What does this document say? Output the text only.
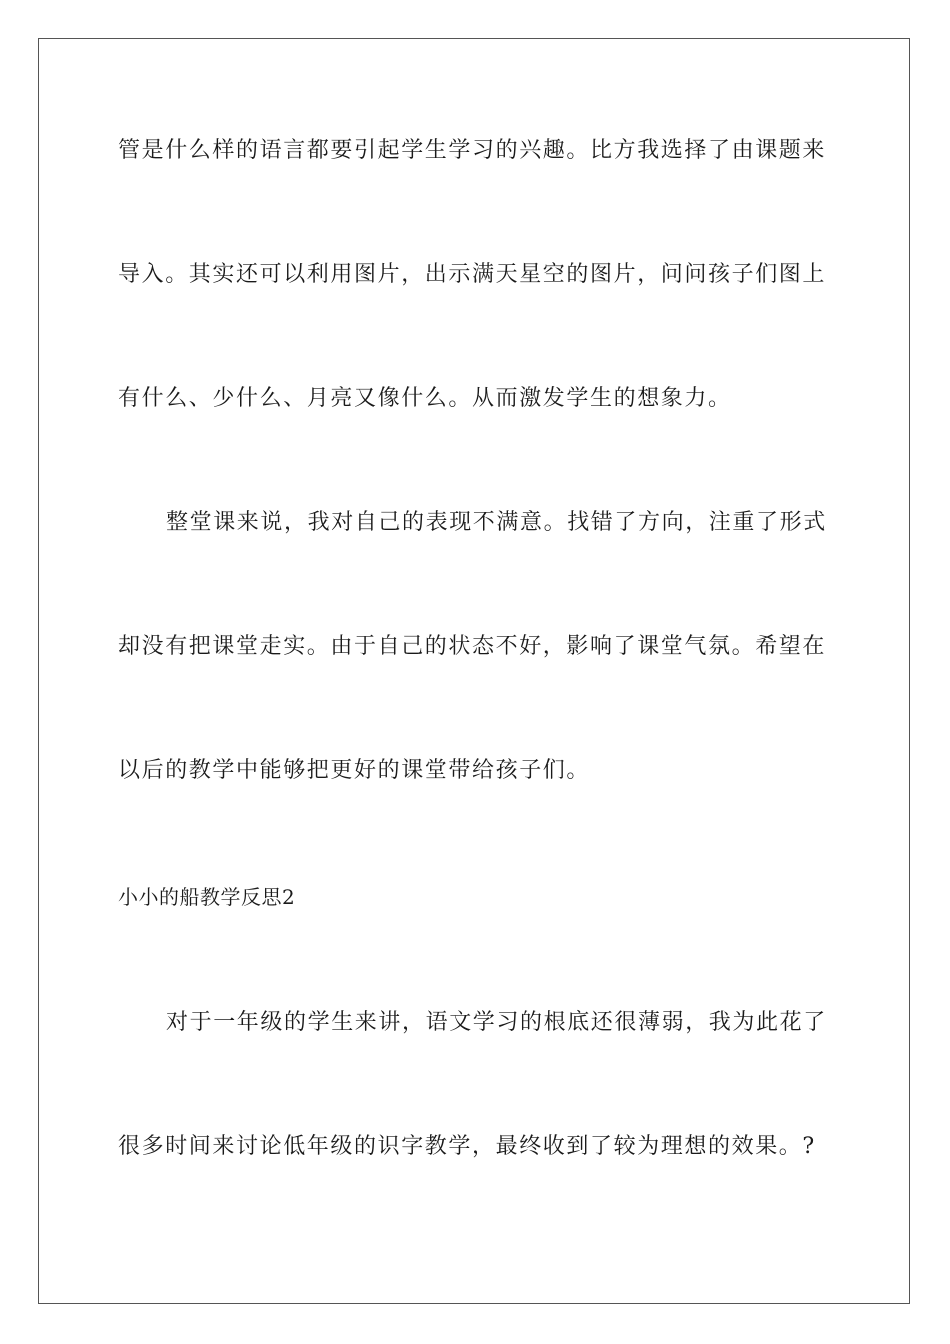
管是什么样的语言都要引起学生学习的兴趣。比方我选择了由课题来
导入。其实还可以利用图片，出示满天星空的图片，问问孩子们图上
有什么、少什么、月亮又像什么。从而激发学生的想象力。
整堂课来说，我对自己的表现不满意。找错了方向，注重了形式
却没有把课堂走实。由于自己的状态不好，影响了课堂气氛。希望在
以后的教学中能够把更好的课堂带给孩子们。
小小的船教学反思2
对于一年级的学生来讲，语文学习的根底还很薄弱，我为此花了
很多时间来讨论低年级的识字教学，最终收到了较为理想的效果。?
